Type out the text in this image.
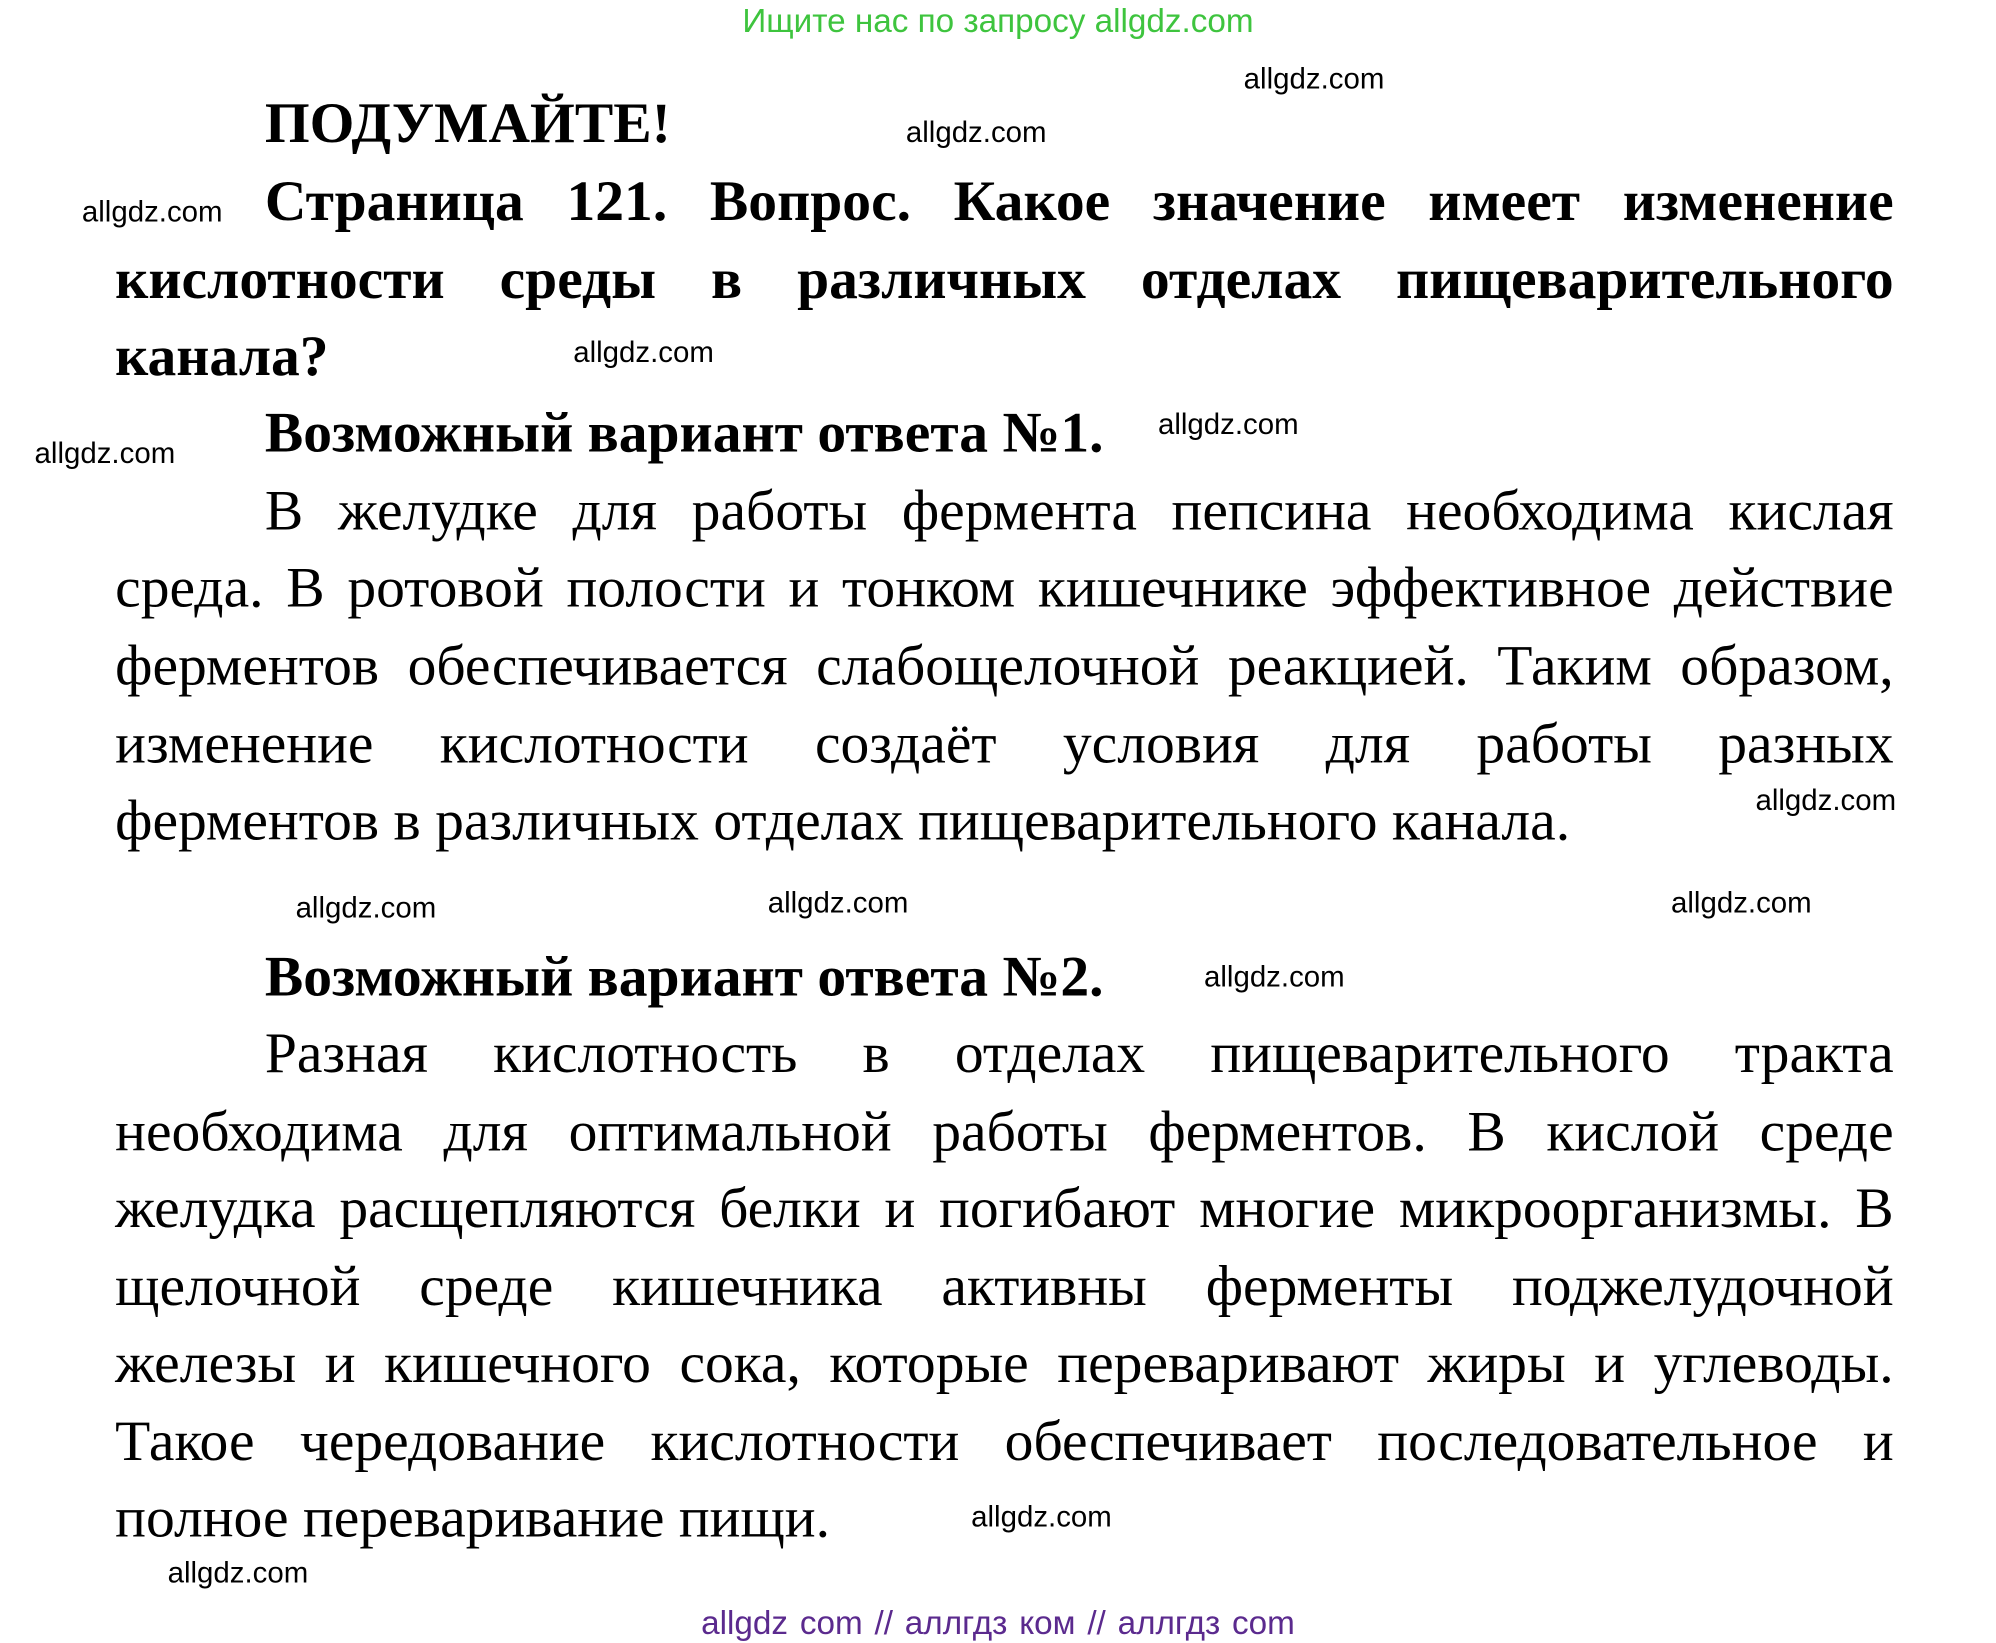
Ищите нас по запросу allgdz.com
ПОДУМАЙТЕ!
Страница 121. Вопрос. Какое значение имеет изменение
кислотности среды в различных отделах пищеварительного
канала?
Возможный вариант ответа №1.
В желудке для работы фермента пепсина необходима кислая
среда. В ротовой полости и тонком кишечнике эффективное действие
ферментов обеспечивается слабощелочной реакцией. Таким образом,
изменение кислотности создаёт условия для работы разных
ферментов в различных отделах пищеварительного канала.
Возможный вариант ответа №2.
Разная кислотность в отделах пищеварительного тракта
необходима для оптимальной работы ферментов. В кислой среде
желудка расщепляются белки и погибают многие микроорганизмы. В
щелочной среде кишечника активны ферменты поджелудочной
железы и кишечного сока, которые переваривают жиры и углеводы.
Такое чередование кислотности обеспечивает последовательное и
полное переваривание пищи.
allgdz.com
allgdz.com
allgdz.com
allgdz.com
allgdz.com
allgdz.com
allgdz.com
allgdz.com
allgdz.com
allgdz.com
allgdz.com
allgdz.com
allgdz.com
allgdz com // аллгдз ком // аллгдз com
